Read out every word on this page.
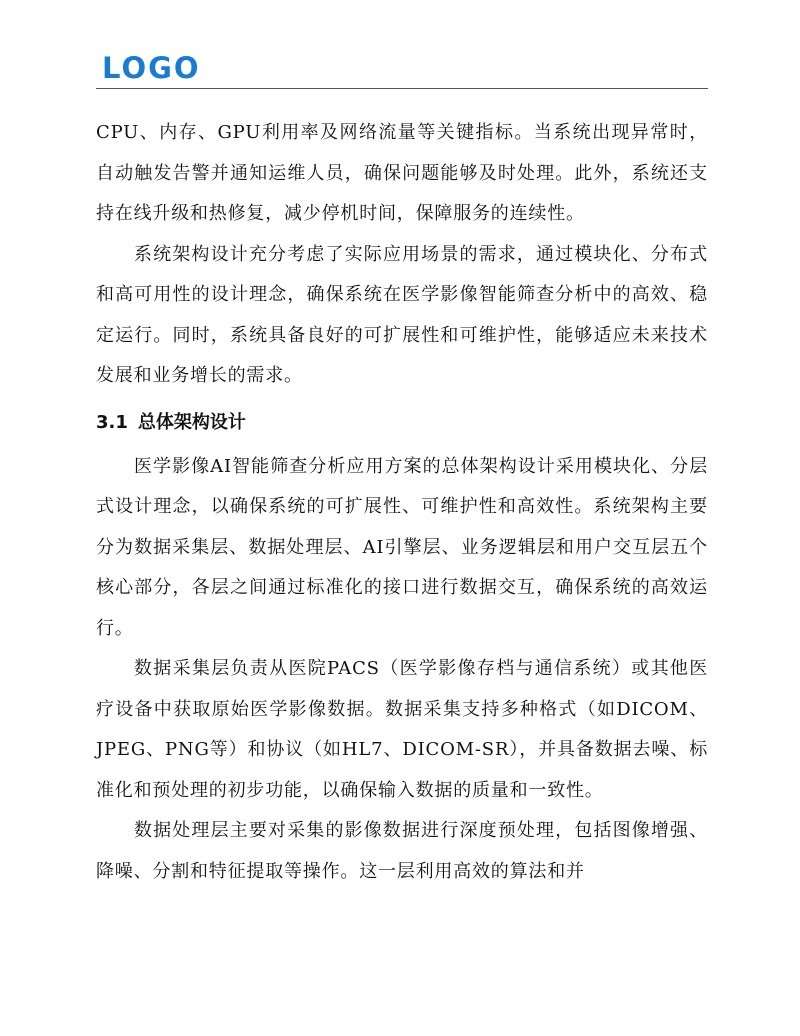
LOGO

CPU、内存、GPU利用率及网络流量等关键指标。当系统出现异常时，自动触发告警并通知运维人员，确保问题能够及时处理。此外，系统还支持在线升级和热修复，减少停机时间，保障服务的连续性。

系统架构设计充分考虑了实际应用场景的需求，通过模块化、分布式和高可用性的设计理念，确保系统在医学影像智能筛查分析中的高效、稳定运行。同时，系统具备良好的可扩展性和可维护性，能够适应未来技术发展和业务增长的需求。

3.1 总体架构设计

医学影像AI智能筛查分析应用方案的总体架构设计采用模块化、分层式设计理念，以确保系统的可扩展性、可维护性和高效性。系统架构主要分为数据采集层、数据处理层、AI引擎层、业务逻辑层和用户交互层五个核心部分，各层之间通过标准化的接口进行数据交互，确保系统的高效运行。

数据采集层负责从医院PACS（医学影像存档与通信系统）或其他医疗设备中获取原始医学影像数据。数据采集支持多种格式（如DICOM、JPEG、PNG等）和协议（如HL7、DICOM-SR），并具备数据去噪、标准化和预处理的初步功能，以确保输入数据的质量和一致性。

数据处理层主要对采集的影像数据进行深度预处理，包括图像增强、降噪、分割和特征提取等操作。这一层利用高效的算法和并
